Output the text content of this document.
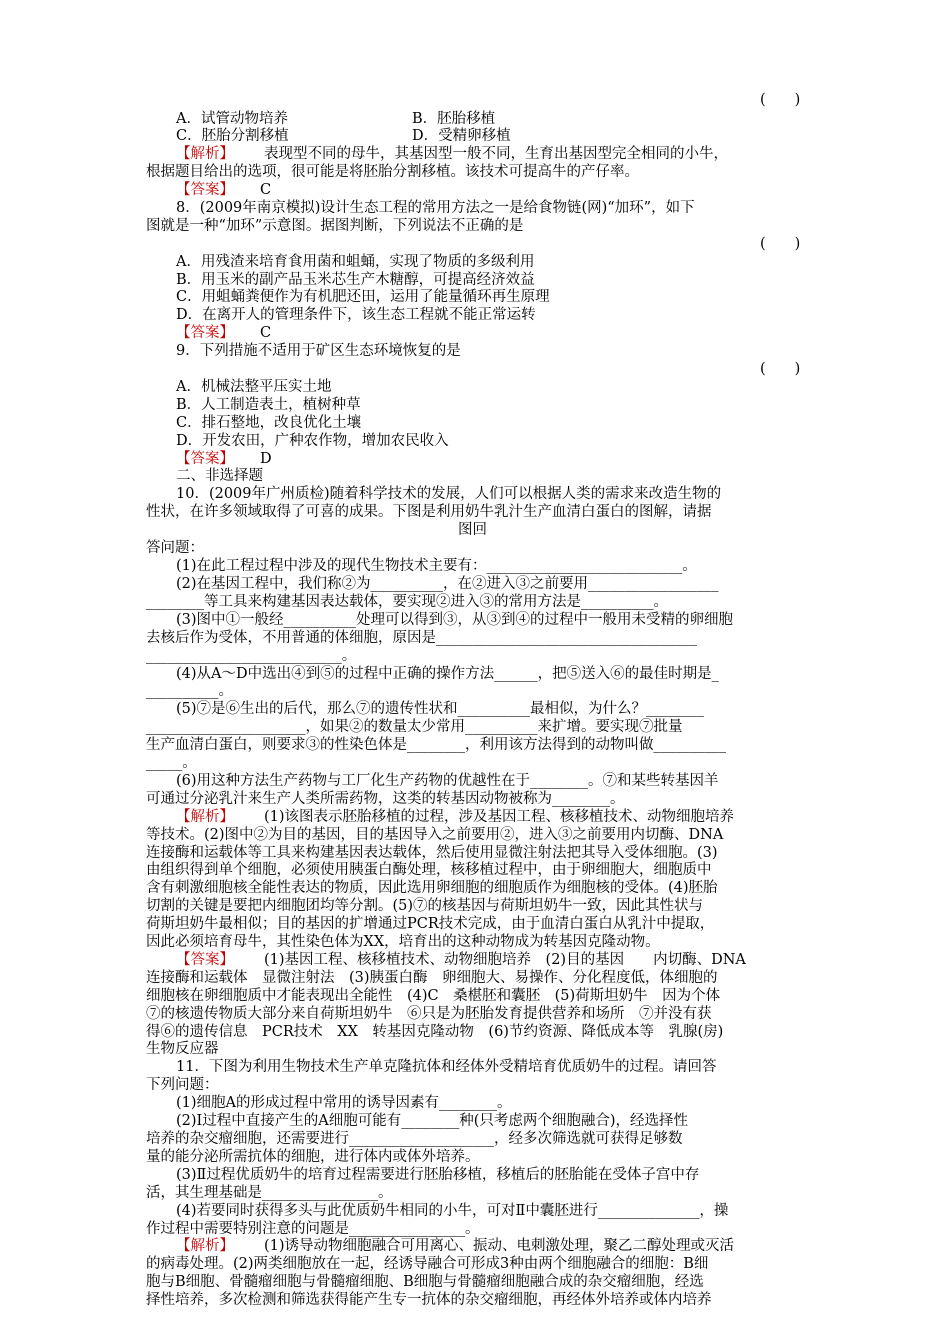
(　　)
A．试管动物培养	B．胚胎移植
C．胚胎分割移植	D．受精卵移植
【解析】 表现型不同的母牛，其基因型一般不同，生育出基因型完全相同的小牛，
根据题目给出的选项，很可能是将胚胎分割移植。该技术可提高牛的产仔率。
【答案】 C
8．(2009年南京模拟)设计生态工程的常用方法之一是给食物链(网)“加环”，如下
图就是一种“加环”示意图。据图判断，下列说法不正确的是
(　　)
A．用残渣来培育食用菌和蛆蛹，实现了物质的多级利用
B．用玉米的副产品玉米芯生产木糖醇，可提高经济效益
C．用蛆蛹粪便作为有机肥还田，运用了能量循环再生原理
D．在离开人的管理条件下，该生态工程就不能正常运转
【答案】 C
9．下列措施不适用于矿区生态环境恢复的是
(　　)
A．机械法整平压实土地
B．人工制造表土，植树种草
C．排石整地，改良优化土壤
D．开发农田，广种农作物，增加农民收入
【答案】 D
二、非选择题
10．(2009年广州质检)随着科学技术的发展，人们可以根据人类的需求来改造生物的
性状，在许多领域取得了可喜的成果。下图是利用奶牛乳汁生产血清白蛋白的图解，请据
图回
答问题：
(1)在此工程过程中涉及的现代生物技术主要有：___________________________。
(2)在基因工程中，我们称②为__________，在②进入③之前要用__________________
________等工具来构建基因表达载体，要实现②进入③的常用方法是__________。
(3)图中①一般经__________处理可以得到③，从③到④的过程中一般用未受精的卵细胞
去核后作为受体，不用普通的体细胞，原因是____________________________________
___________________________。
(4)从A～D中选出④到⑤的过程中正确的操作方法______，把⑤送入⑥的最佳时期是_
__________。
(5)⑦是⑥生出的后代，那么⑦的遗传性状和__________最相似，为什么？________
______________________，如果②的数量太少常用__________来扩增。要实现⑦批量
生产血清白蛋白，则要求③的性染色体是________，利用该方法得到的动物叫做__________
_____。
(6)用这种方法生产药物与工厂化生产药物的优越性在于________。⑦和某些转基因羊
可通过分泌乳汁来生产人类所需药物，这类的转基因动物被称为________。
【解析】 (1)该图表示胚胎移植的过程，涉及基因工程、核移植技术、动物细胞培养
等技术。(2)图中②为目的基因，目的基因导入之前要用②，进入③之前要用内切酶、DNA
连接酶和运载体等工具来构建基因表达载体，然后使用显微注射法把其导入受体细胞。(3)
由组织得到单个细胞，必须使用胰蛋白酶处理，核移植过程中，由于卵细胞大，细胞质中
含有刺激细胞核全能性表达的物质，因此选用卵细胞的细胞质作为细胞核的受体。(4)胚胎
切割的关键是要把内细胞团均等分割。(5)⑦的核基因与荷斯坦奶牛一致，因此其性状与
荷斯坦奶牛最相似；目的基因的扩增通过PCR技术完成，由于血清白蛋白从乳汁中提取，
因此必须培育母牛，其性染色体为XX，培育出的这种动物成为转基因克隆动物。
【答案】 (1)基因工程、核移植技术、动物细胞培养　(2)目的基因　　内切酶、DNA
连接酶和运载体　显微注射法　(3)胰蛋白酶　卵细胞大、易操作、分化程度低，体细胞的
细胞核在卵细胞质中才能表现出全能性　(4)C　桑椹胚和囊胚　(5)荷斯坦奶牛　因为个体
⑦的核遗传物质大部分来自荷斯坦奶牛　⑥只是为胚胎发育提供营养和场所　⑦并没有获
得⑥的遗传信息　PCR技术　XX　转基因克隆动物　(6)节约资源、降低成本等　乳腺(房)
生物反应器
11．下图为利用生物技术生产单克隆抗体和经体外受精培育优质奶牛的过程。请回答
下列问题：
(1)细胞A的形成过程中常用的诱导因素有________。
(2)Ⅰ过程中直接产生的A细胞可能有________种(只考虑两个细胞融合)，经选择性
培养的杂交瘤细胞，还需要进行____________________，经多次筛选就可获得足够数
量的能分泌所需抗体的细胞，进行体内或体外培养。
(3)Ⅱ过程优质奶牛的培育过程需要进行胚胎移植，移植后的胚胎能在受体子宫中存
活，其生理基础是________________。
(4)若要同时获得多头与此优质奶牛相同的小牛，可对Ⅱ中囊胚进行______________，操
作过程中需要特别注意的问题是________________。
【解析】 (1)诱导动物细胞融合可用离心、振动、电刺激处理，聚乙二醇处理或灭活
的病毒处理。(2)两类细胞放在一起，经诱导融合可形成3种由两个细胞融合的细胞：B细
胞与B细胞、骨髓瘤细胞与骨髓瘤细胞、B细胞与骨髓瘤细胞融合成的杂交瘤细胞，经选
择性培养，多次检测和筛选获得能产生专一抗体的杂交瘤细胞，再经体外培养或体内培养
